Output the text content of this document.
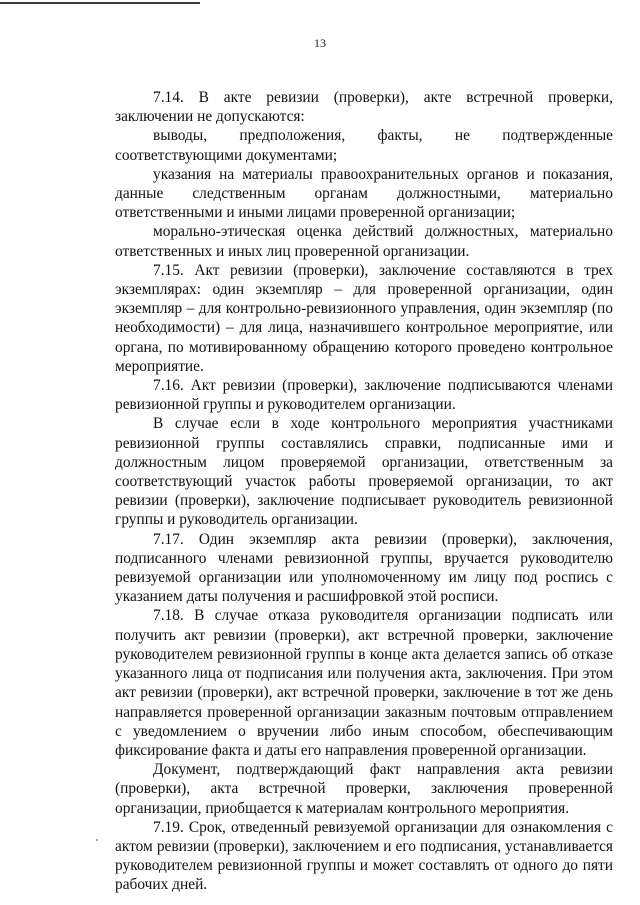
13

7.14. В акте ревизии (проверки), акте встречной проверки, заключении не допускаются:

выводы, предположения, факты, не подтвержденные соответствующими документами;

указания на материалы правоохранительных органов и показания, данные следственным органам должностными, материально ответственными и иными лицами проверенной организации;

морально-этическая оценка действий должностных, материально ответственных и иных лиц проверенной организации.

7.15. Акт ревизии (проверки), заключение составляются в трех экземплярах: один экземпляр – для проверенной организации, один экземпляр – для контрольно-ревизионного управления, один экземпляр (по необходимости) – для лица, назначившего контрольное мероприятие, или органа, по мотивированному обращению которого проведено контрольное мероприятие.

7.16. Акт ревизии (проверки), заключение подписываются членами ревизионной группы и руководителем организации.

В случае если в ходе контрольного мероприятия участниками ревизионной группы составлялись справки, подписанные ими и должностным лицом проверяемой организации, ответственным за соответствующий участок работы проверяемой организации, то акт ревизии (проверки), заключение подписывает руководитель ревизионной группы и руководитель организации.

7.17. Один экземпляр акта ревизии (проверки), заключения, подписанного членами ревизионной группы, вручается руководителю ревизуемой организации или уполномоченному им лицу под роспись с указанием даты получения и расшифровкой этой росписи.

7.18. В случае отказа руководителя организации подписать или получить акт ревизии (проверки), акт встречной проверки, заключение руководителем ревизионной группы в конце акта делается запись об отказе указанного лица от подписания или получения акта, заключения. При этом акт ревизии (проверки), акт встречной проверки, заключение в тот же день направляется проверенной организации заказным почтовым отправлением с уведомлением о вручении либо иным способом, обеспечивающим фиксирование факта и даты его направления проверенной организации.

Документ, подтверждающий факт направления акта ревизии (проверки), акта встречной проверки, заключения проверенной организации, приобщается к материалам контрольного мероприятия.

7.19. Срок, отведенный ревизуемой организации для ознакомления с актом ревизии (проверки), заключением и его подписания, устанавливается руководителем ревизионной группы и может составлять от одного до пяти рабочих дней.
